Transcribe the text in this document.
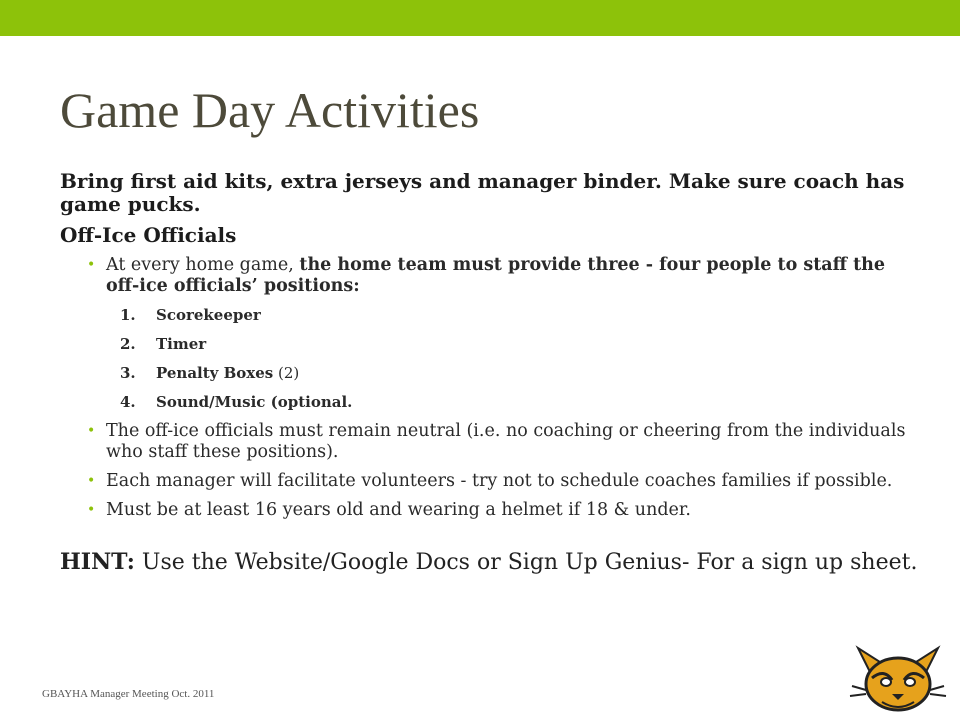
Game Day Activities

Bring first aid kits, extra jerseys and manager binder. Make sure coach has game pucks.

Off-Ice Officials

• At every home game, the home team must provide three - four people to staff the off-ice officials’ positions:

1. Scorekeeper

2. Timer

3. Penalty Boxes (2)

4. Sound/Music (optional.

• The off-ice officials must remain neutral (i.e. no coaching or cheering from the individuals who staff these positions).

• Each manager will facilitate volunteers - try not to schedule coaches families if possible.

• Must be at least 16 years old and wearing a helmet if 18 & under.

HINT: Use the Website/Google Docs or Sign Up Genius- For a sign up sheet.

GBAYHA Manager Meeting Oct. 2011
